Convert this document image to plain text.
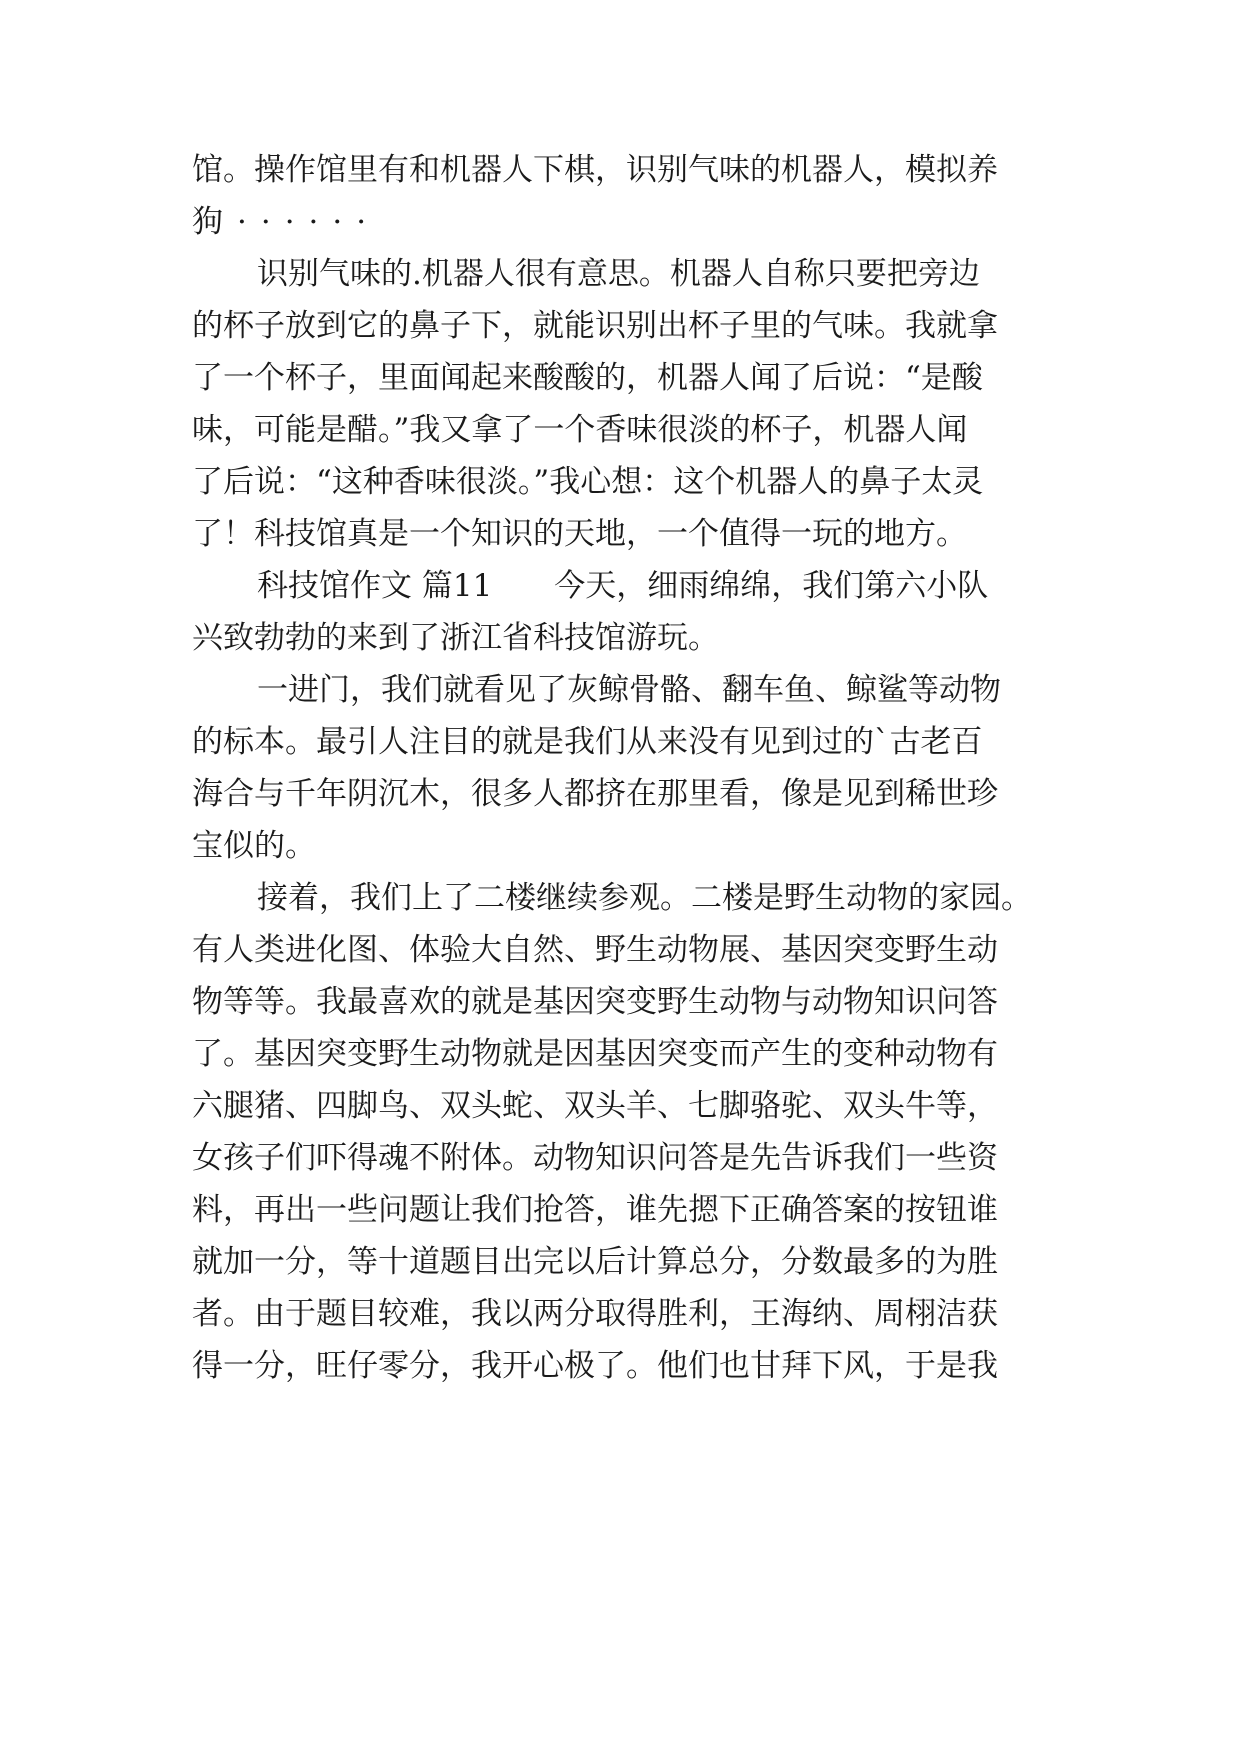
馆。操作馆里有和机器人下棋，识别气味的机器人，模拟养
狗······
识别气味的.机器人很有意思。机器人自称只要把旁边
的杯子放到它的鼻子下，就能识别出杯子里的气味。我就拿
了一个杯子，里面闻起来酸酸的，机器人闻了后说：“是酸
味，可能是醋。”我又拿了一个香味很淡的杯子，机器人闻
了后说：“这种香味很淡。”我心想：这个机器人的鼻子太灵
了！科技馆真是一个知识的天地，一个值得一玩的地方。
科技馆作文 篇11　　今天，细雨绵绵，我们第六小队
兴致勃勃的来到了浙江省科技馆游玩。
一进门，我们就看见了灰鲸骨骼、翻车鱼、鲸鲨等动物
的标本。最引人注目的就是我们从来没有见到过的`古老百
海合与千年阴沉木，很多人都挤在那里看，像是见到稀世珍
宝似的。
接着，我们上了二楼继续参观。二楼是野生动物的家园。
有人类进化图、体验大自然、野生动物展、基因突变野生动
物等等。我最喜欢的就是基因突变野生动物与动物知识问答
了。基因突变野生动物就是因基因突变而产生的变种动物有
六腿猪、四脚鸟、双头蛇、双头羊、七脚骆驼、双头牛等，
女孩子们吓得魂不附体。动物知识问答是先告诉我们一些资
料，再出一些问题让我们抢答，谁先摁下正确答案的按钮谁
就加一分，等十道题目出完以后计算总分，分数最多的为胜
者。由于题目较难，我以两分取得胜利，王海纳、周栩洁获
得一分，旺仔零分，我开心极了。他们也甘拜下风，于是我
